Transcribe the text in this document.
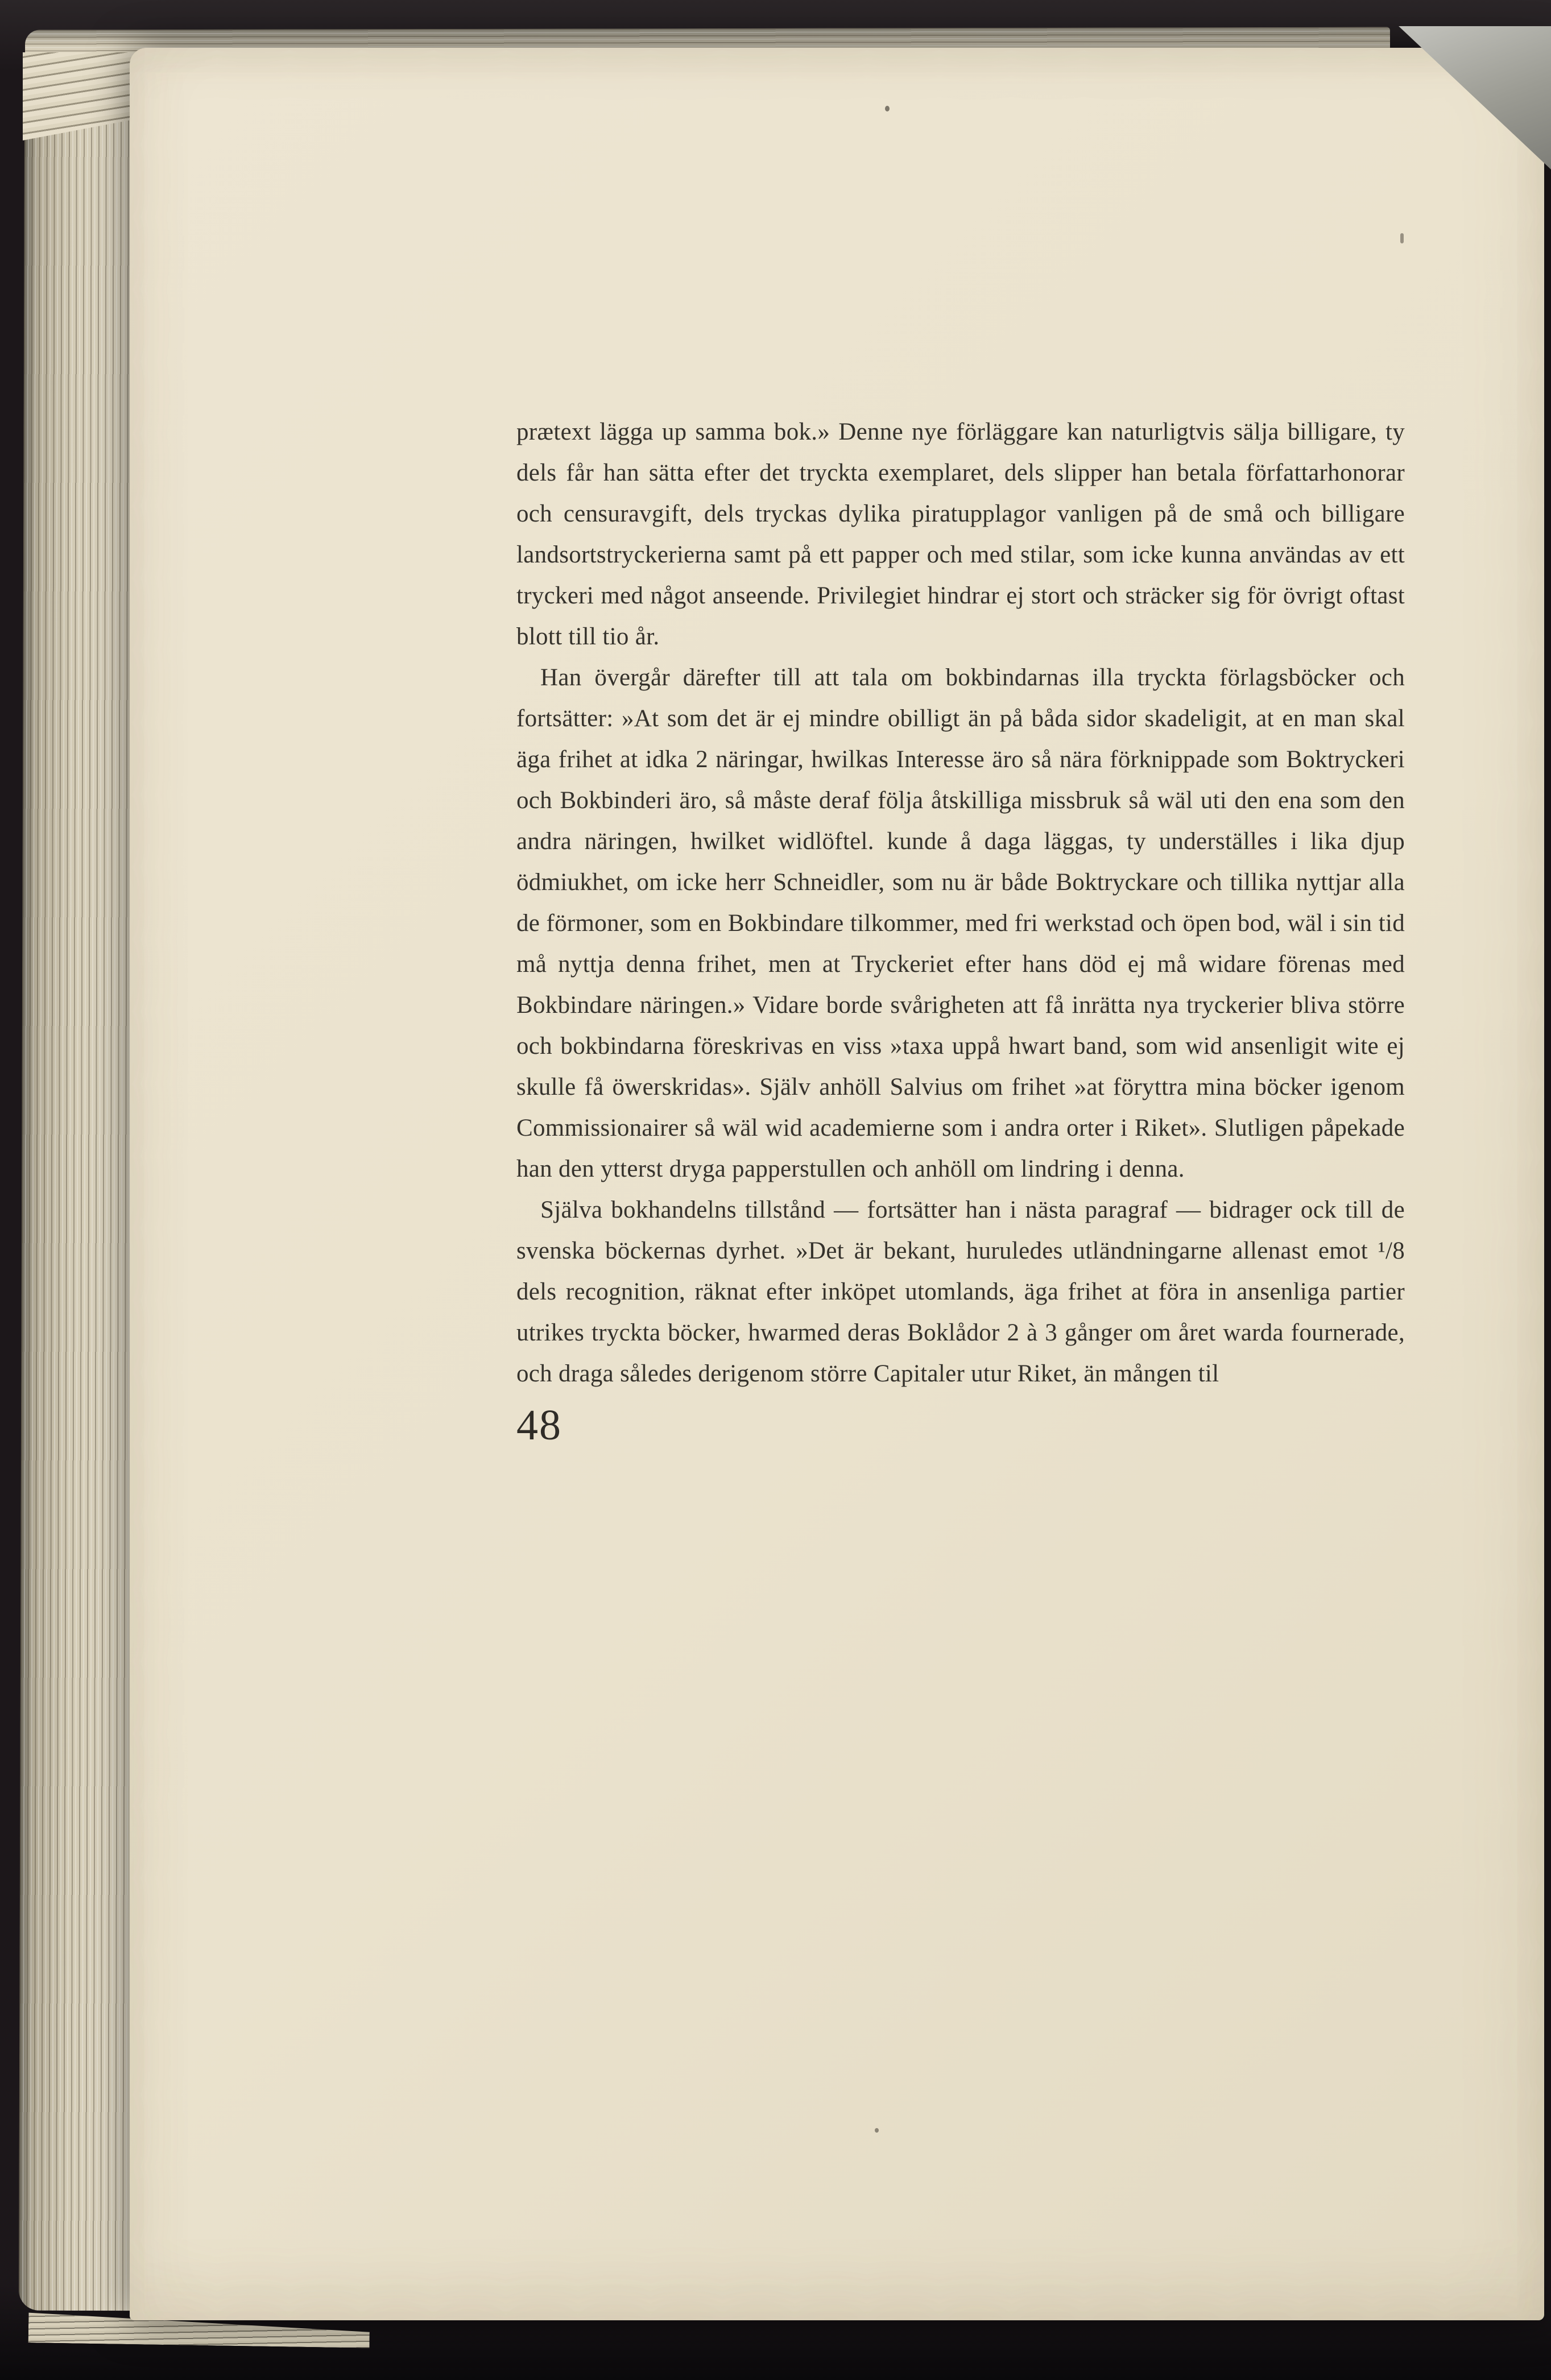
prætext lägga up samma bok.» Denne nye förläggare kan naturligtvis sälja billigare, ty dels får han sätta efter det tryckta exemplaret, dels slipper han betala författarhonorar och censuravgift, dels tryckas dylika piratupplagor vanligen på de små och billigare landsortstryckerierna samt på ett papper och med stilar, som icke kunna användas av ett tryckeri med något anseende. Privilegiet hindrar ej stort och sträcker sig för övrigt oftast blott till tio år.

Han övergår därefter till att tala om bokbindarnas illa tryckta förlagsböcker och fortsätter: »At som det är ej mindre obilligt än på båda sidor skadeligit, at en man skal äga frihet at idka 2 näringar, hwilkas Interesse äro så nära förknippade som Boktryckeri och Bokbinderi äro, så måste deraf följa åtskilliga missbruk så wäl uti den ena som den andra näringen, hwilket widlöftel. kunde å daga läggas, ty underställes i lika djup ödmiukhet, om icke herr Schneidler, som nu är både Boktryckare och tillika nyttjar alla de förmoner, som en Bokbindare tilkommer, med fri werkstad och öpen bod, wäl i sin tid må nyttja denna frihet, men at Tryckeriet efter hans död ej må widare förenas med Bokbindare näringen.» Vidare borde svårigheten att få inrätta nya tryckerier bliva större och bokbindarna föreskrivas en viss »taxa uppå hwart band, som wid ansenligit wite ej skulle få öwerskridas». Själv anhöll Salvius om frihet »at föryttra mina böcker igenom Commissionairer så wäl wid academierne som i andra orter i Riket». Slutligen påpekade han den ytterst dryga papperstullen och anhöll om lindring i denna.

Själva bokhandelns tillstånd — fortsätter han i nästa paragraf — bidrager ock till de svenska böckernas dyrhet. »Det är bekant, huruledes utländningarne allenast emot ¹/8 dels recognition, räknat efter inköpet utomlands, äga frihet at föra in ansenliga partier utrikes tryckta böcker, hwarmed deras Boklådor 2 à 3 gånger om året warda fournerade, och draga således derigenom större Capitaler utur Riket, än mången til

48
